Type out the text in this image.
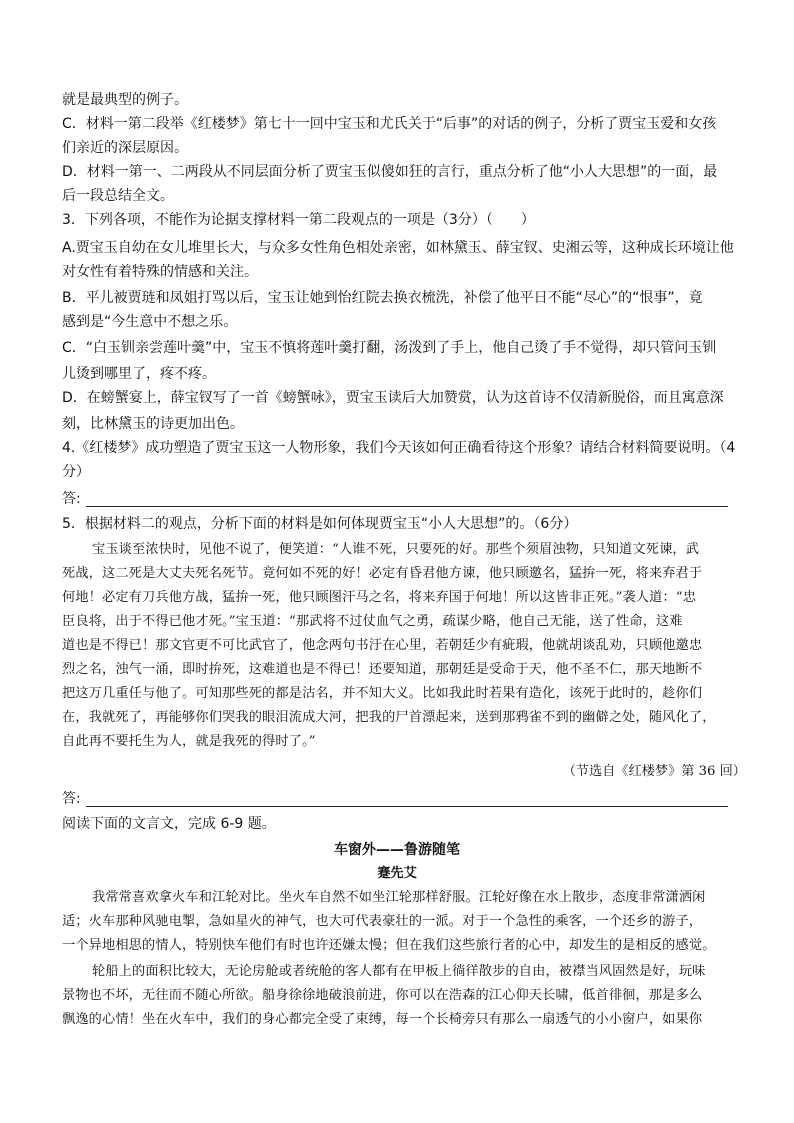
就是最典型的例子。
C．材料一第二段举《红楼梦》第七十一回中宝玉和尤氏关于“后事”的对话的例子，分析了贾宝玉爱和女孩
们亲近的深层原因。
D．材料一第一、二两段从不同层面分析了贾宝玉似傻如狂的言行，重点分析了他“小人大思想”的一面，最
后一段总结全文。
3．下列各项，不能作为论据支撑材料一第二段观点的一项是（3分）（　　）
A.贾宝玉自幼在女儿堆里长大，与众多女性角色相处亲密，如林黛玉、薛宝钗、史湘云等，这种成长环境让他
对女性有着特殊的情感和关注。
B．平儿被贾琏和凤姐打骂以后，宝玉让她到怡红院去换衣梳洗，补偿了他平日不能“尽心”的“恨事”，竟
感到是“今生意中不想之乐。
C．“白玉钏亲尝莲叶羹”中，宝玉不慎将莲叶羹打翻，汤泼到了手上，他自己烫了手不觉得，却只管问玉钏
儿烫到哪里了，疼不疼。
D．在螃蟹宴上，薛宝钗写了一首《螃蟹咏》，贾宝玉读后大加赞赏，认为这首诗不仅清新脱俗，而且寓意深
刻，比林黛玉的诗更加出色。
4.《红楼梦》成功塑造了贾宝玉这一人物形象，我们今天该如何正确看待这个形象？请结合材料简要说明。（4
分）
答:
5．根据材料二的观点，分析下面的材料是如何体现贾宝玉“小人大思想”的。（6分）
宝玉谈至浓快时，见他不说了，便笑道：“人谁不死，只要死的好。那些个须眉浊物，只知道文死谏，武
死战，这二死是大丈夫死名死节。竟何如不死的好！必定有昏君他方谏，他只顾邀名，猛拚一死，将来弃君于
何地！必定有刀兵他方战，猛拚一死，他只顾图汗马之名，将来弃国于何地！所以这皆非正死。”袭人道：“忠
臣良将，出于不得已他才死。”宝玉道：“那武将不过仗血气之勇，疏谋少略，他自己无能，送了性命，这难
道也是不得已！那文官更不可比武官了，他念两句书汙在心里，若朝廷少有疵瑕，他就胡谈乱劝，只顾他邀忠
烈之名，浊气一涌，即时拚死，这难道也是不得已！还要知道，那朝廷是受命于天，他不圣不仁，那天地断不
把这万几重任与他了。可知那些死的都是沽名，并不知大义。比如我此时若果有造化，该死于此时的，趁你们
在，我就死了，再能够你们哭我的眼泪流成大河，把我的尸首漂起来，送到那鸦雀不到的幽僻之处，随风化了，
自此再不要托生为人，就是我死的得时了。”
（节选自《红楼梦》第 36 回）
答:
阅读下面的文言文，完成 6-9 题。
车窗外——鲁游随笔
蹇先艾
我常常喜欢拿火车和江轮对比。坐火车自然不如坐江轮那样舒服。江轮好像在水上散步，态度非常潇洒闲
适；火车那种风驰电掣，急如星火的神气，也大可代表豪壮的一派。对于一个急性的乘客，一个还乡的游子，
一个异地相思的情人，特别快车他们有时也许还嫌太慢；但在我们这些旅行者的心中，却发生的是相反的感觉。
轮船上的面积比较大，无论房舱或者统舱的客人都有在甲板上徜徉散步的自由，被襟当风固然是好，玩味
景物也不坏，无往而不随心所欲。船身徐徐地破浪前进，你可以在浩森的江心仰天长啸，低首徘徊，那是多么
飘逸的心情！坐在火车中，我们的身心都完全受了束缚，每一个长椅旁只有那么一扇透气的小小窗户，如果你
